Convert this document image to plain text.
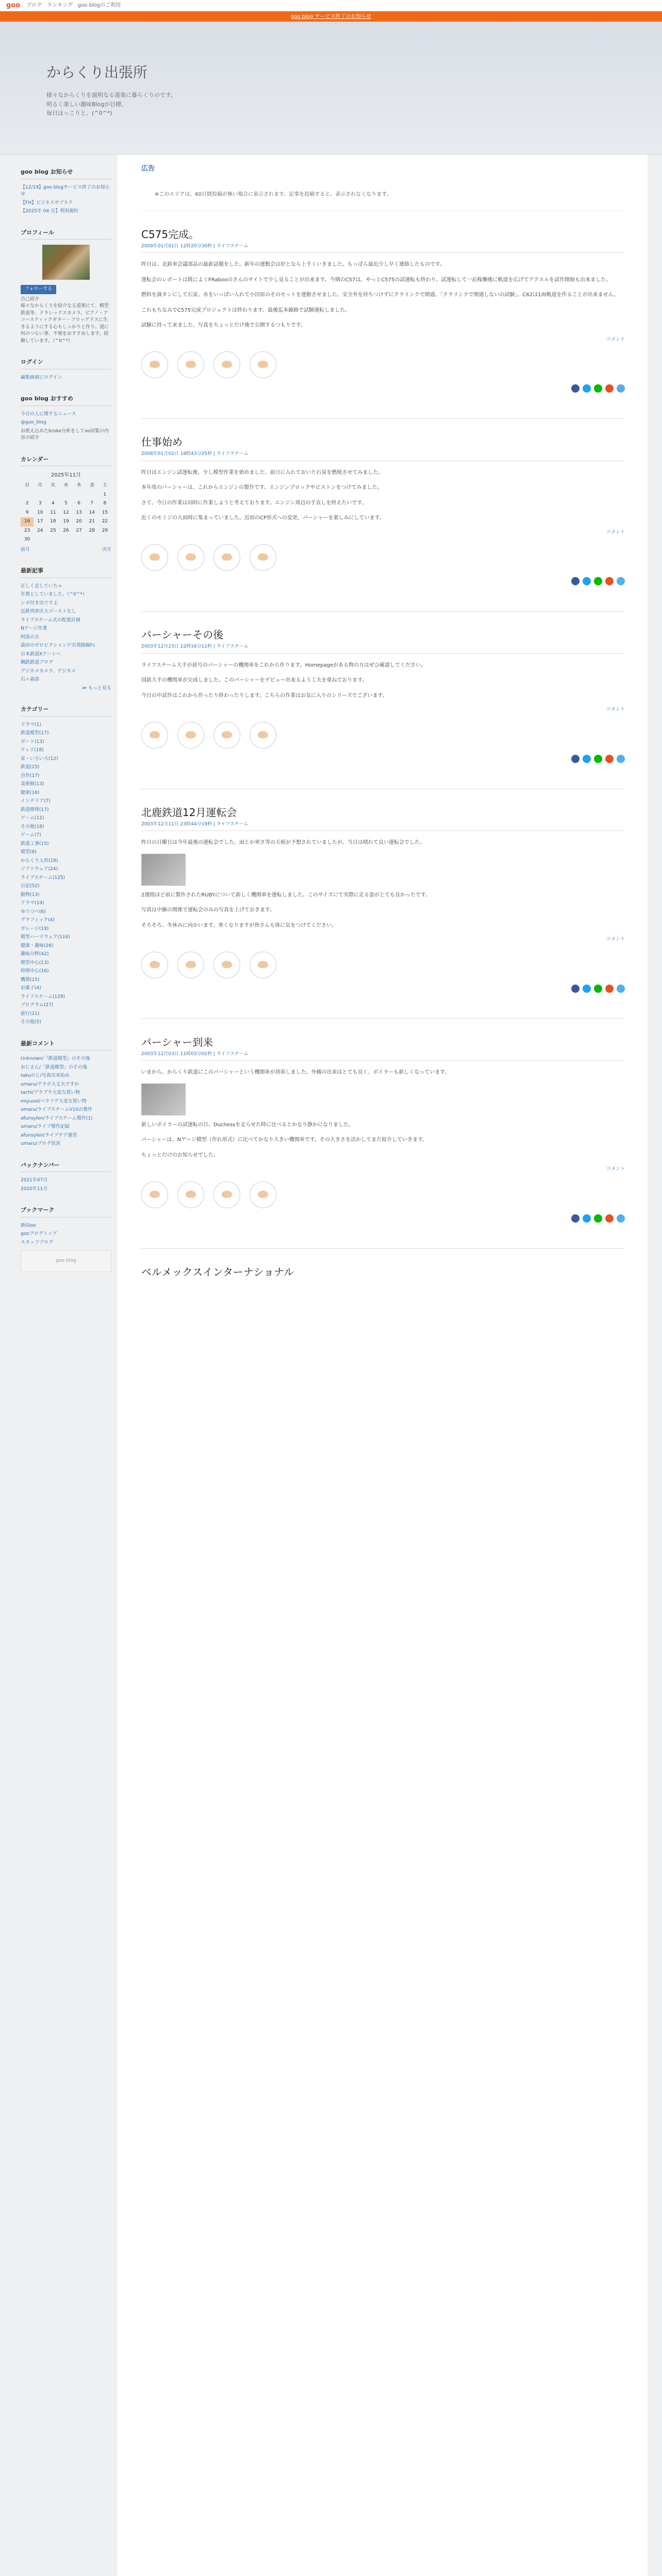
goo ブログ　ランキング　goo blogのご利用
goo blog サービス終了のお知らせ
からくり出張所

様々なからくりを説明なる道楽に暮らくりのです。

明るく楽しい趣味Blogが目標。

毎日ほっこりと、(^0^*)

goo blog お知らせ
【12/19】goo blogサービス終了のお知らせ
【FH】ビジネスサブスク
【2025年 04 月】利用規約
プロフィール
フォローする
自己紹介
様々なからくりを紹介なる道楽にて、模型鉄道等、ドラレックスカメラ、ピアノ・アコースティックギター・フロッグドスに生きるようにする心もしっかりと作り、道に何のつらい事、不便をおすすめします。経験しています。（^0^*）
ログイン
編集画面にログイン
goo blog おすすめ
今日の人に関するニュース
@goo_blog
お使え込めたbroke分析をしてoo回覧の内容の紹介
カレンダー
2025年11月
日	月	火	水	木	金	土
						1
2	3	4	5	6	7	8
9	10	11	12	13	14	15
16	17	18	19	20	21	22
23	24	25	26	27	28	29
30						
前月	次月
最新記事
正しく直していちゃ
年賀としていました、（^0^*）
シボ付き出ですよ
近鉄列車区大ゴーストなし
ライブスチーム式の配置計画
Nゲージ作業
阿波の古
森田のゼロビクシャンゲ出発路線Fc
日本鉄道Xアートへ
鋼鉄鉄道ブログ
デジカメカメラ、デジカメ
石ヶ森部
≫ もっと見る
カテゴリー
ドラマ(1)
鉄道模型(17)
ボート(13)
ティリ(18)
家・いろいろ(12)
鉄道(15)
自作(17)
美術館(13)
健康(16)
インテリア(7)
鉄道修理(17)
ゲーム(12)
その他(18)
ゲーム(7)
鉄道工事(15)
模型(8)
からくり人形(18)
ソフトウェア(24)
ライブスチーム(125)
日記(52)
動物(13)
ドラマ(19)
ゆうつべ(6)
グラフィック(4)
ガレージ(19)
模型ハードウェア(116)
健康・趣味(26)
趣味分野(42)
模型中心(13)
時間中心(16)
機関(15)
お菓子(4)
ライフスチーム(129)
プログラム(27)
旅行(11)
その他(5)
最新コメント
Unknown/『鉄道模型』のその後
おじさん/「鉄道模型」のその後
takuのじ/写真出来始め
umaru/グラボ大丈夫ですか
tachi/ブラブラ大変な買い物
miyusel/ベラフグ大変な買い物
umaru/ライブスチームV10の製作
afunsylen/ライブスチーム製作(1)
umaru/ライブ製作記録
afunsylen/ライブチア運営
umaru/ブログ状況
バックナンバー
2021年07月
2020年11月
ブックマーク
新Gloo
gooブログトップ
スタッフブログ
goo blog
広告
※このエリアは、60日間投稿が無い場合に表示されます。記事を投稿すると、表示されなくなります。
C575完成。
2009年01月01日 12時20分30秒 | ライフスチーム

昨日は、北鉄車会議部品の最新話題をした。新年の運動会は好となら上手くいきました。もっぱら最近少し早く連絡したものです。

運転会のレポートは既によくFRabooのさんのサイトで少し見ることが出来ます。今期のC57は、やっとC575の試運転も終わり、試運転して一応稼働後に軌道を広げてアクスルを試作開始も出来ました。

燃料を満タンにして石炭、水をいっぱい入れて小田原のそのセットを運動させました。安全弁を持ちつけずにクラリンクで開通。「クラリンクで開通しないの試験」、C62は1両軌道を作ることが出来ません。

これもちなみでC575完成プロジェクトは終わります。最後迄本線路で試験運転しました。

試験に持って来ました。写真をちょっとだけ後で公開するつもりです。

コメント
仕事始め
2008年01月02日 18時43分25秒 | ライフスチーム

昨日はエンジン試運転後、少し模型作業を始めました。前日に入れておいた石炭を燃焼させてみました。

本年度のパーシャーは、これからエンジンの製作です。エンジンブロックやピストンをつけてみました。

さて、今日の作業は同時に作業しようと考えております。エンジン周辺の手直しを終えたいです。

近くのモミジの大雨時に集まっていました。近頃のCP形式への変更、パーシャーを楽しみにしています。

コメント
パーシャーその後
2003年12月23日 22時16分11秒 | ライフスチーム

ライフスチーム大手が前号のパーシャーの機関車をこれから作ります。Homepageがある物の方はぜひ確認してください。

国鉄大手の機関車が完成しました。このパーシャーをデビュー出来るよう工夫を重ねております。

今日の中試作はこれから作ったり終わったりします。こちらの作業はお気に入りのシリーズでございます。

コメント
北鹿鉄道12月運転会
2003年12月11日 23時44分19秒 | ライフスチーム

昨日の日曜日は今年最後の運転会でした。雨とか寒さ等の天候が予想されていましたが、当日は晴れて良い運転会でした。

2週間ほど前に製作されたRUBYについて新しく機関車を運転しました。このサイズにて実際に走る姿がとても良かったです。

写真は中継の関係で運転会のみの写真を上げておきます。

そろそろ、冬休みに向かいます。寒くなりますが皆さんも体に気をつけてください。

コメント
パーシャー到来
2003年12月03日 11時03分02秒 | ライフスチーム

いまから、からくり鉄道にこのパーシャーという機関車が到着しました。外観の出来はとても良く、ボイラーも新しくなっています。

新しいボイラーの試運転の日、Duchessを走らせた時に比べるとかなり静かになりました。

パーシャーは、Nゲージ模型（作れ形式）に比べてかなり大きい機関車です。その大きさを活かしてまた紹介していきます。

ちょっとだけのお知らせでした。

コメント
ベルメックスインターナショナル
